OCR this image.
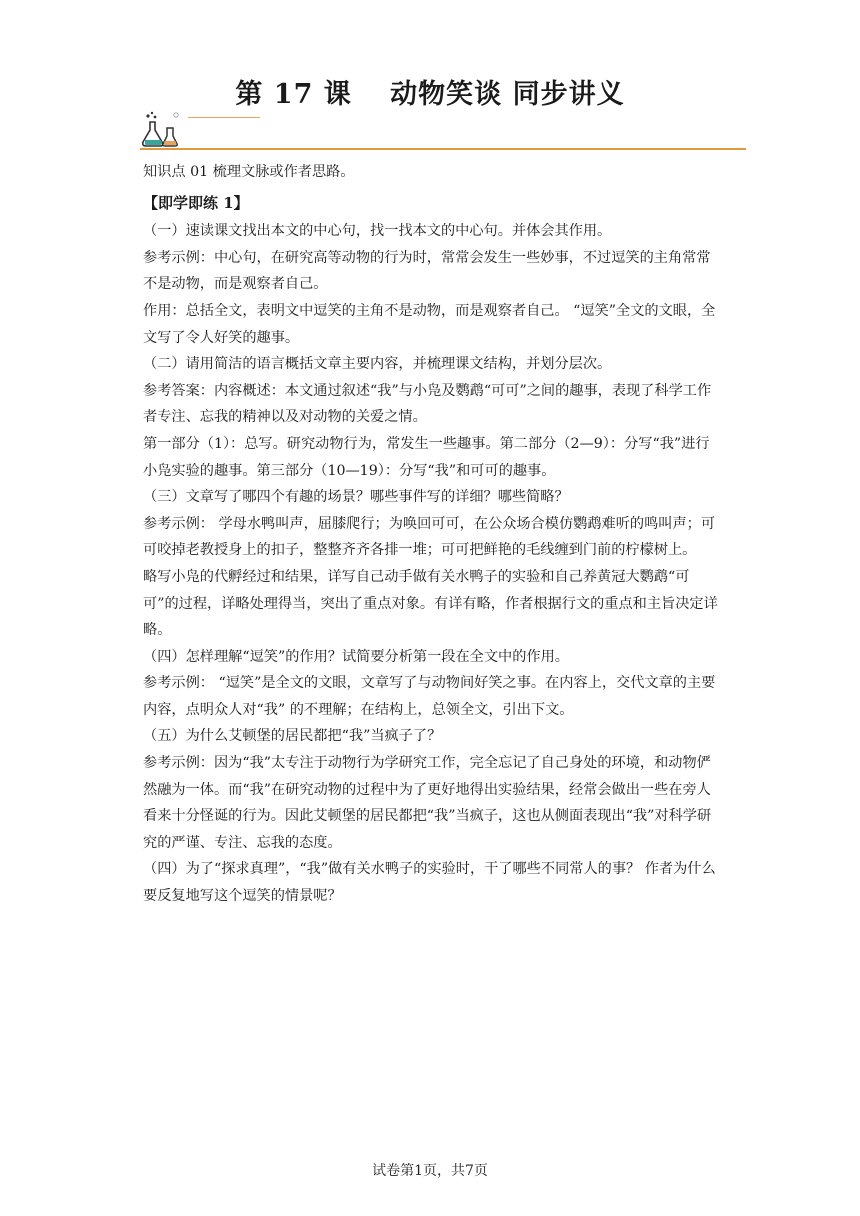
第 17 课　 动物笑谈 同步讲义

知识点 01 梳理文脉或作者思路。

【即学即练 1】

（一）速读课文找出本文的中心句，找一找本文的中心句。并体会其作用。

参考示例：中心句，在研究高等动物的行为时，常常会发生一些妙事，不过逗笑的主角常常不是动物，而是观察者自己。

作用：总括全文，表明文中逗笑的主角不是动物，而是观察者自己。 “逗笑”全文的文眼，全文写了令人好笑的趣事。

（二）请用简洁的语言概括文章主要内容，并梳理课文结构，并划分层次。

参考答案：内容概述：本文通过叙述“我”与小凫及鹦鹉“可可”之间的趣事，表现了科学工作者专注、忘我的精神以及对动物的关爱之情。

第一部分（1）：总写。研究动物行为，常发生一些趣事。第二部分（2—9）：分写“我”进行小凫实验的趣事。第三部分（10—19）：分写“我”和可可的趣事。

（三）文章写了哪四个有趣的场景？哪些事件写的详细？哪些简略？

参考示例： 学母水鸭叫声，屈膝爬行；为唤回可可，在公众场合模仿鹦鹉难听的鸣叫声；可可咬掉老教授身上的扣子，整整齐齐各排一堆；可可把鲜艳的毛线缠到门前的柠檬树上。

略写小凫的代孵经过和结果，详写自己动手做有关水鸭子的实验和自己养黄冠大鹦鹉“可可”的过程，详略处理得当，突出了重点对象。有详有略，作者根据行文的重点和主旨决定详略。

（四）怎样理解“逗笑”的作用？试简要分析第一段在全文中的作用。

参考示例： “逗笑”是全文的文眼，文章写了与动物间好笑之事。在内容上，交代文章的主要内容，点明众人对“我” 的不理解；在结构上，总领全文，引出下文。

（五）为什么艾顿堡的居民都把“我”当疯子了？

参考示例：因为“我”太专注于动物行为学研究工作，完全忘记了自己身处的环境，和动物俨然融为一体。而“我”在研究动物的过程中为了更好地得出实验结果，经常会做出一些在旁人看来十分怪诞的行为。因此艾顿堡的居民都把“我”当疯子，这也从侧面表现出“我”对科学研究的严谨、专注、忘我的态度。

（四）为了“探求真理”，“我”做有关水鸭子的实验时，干了哪些不同常人的事？ 作者为什么要反复地写这个逗笑的情景呢？

试卷第1页，共7页
